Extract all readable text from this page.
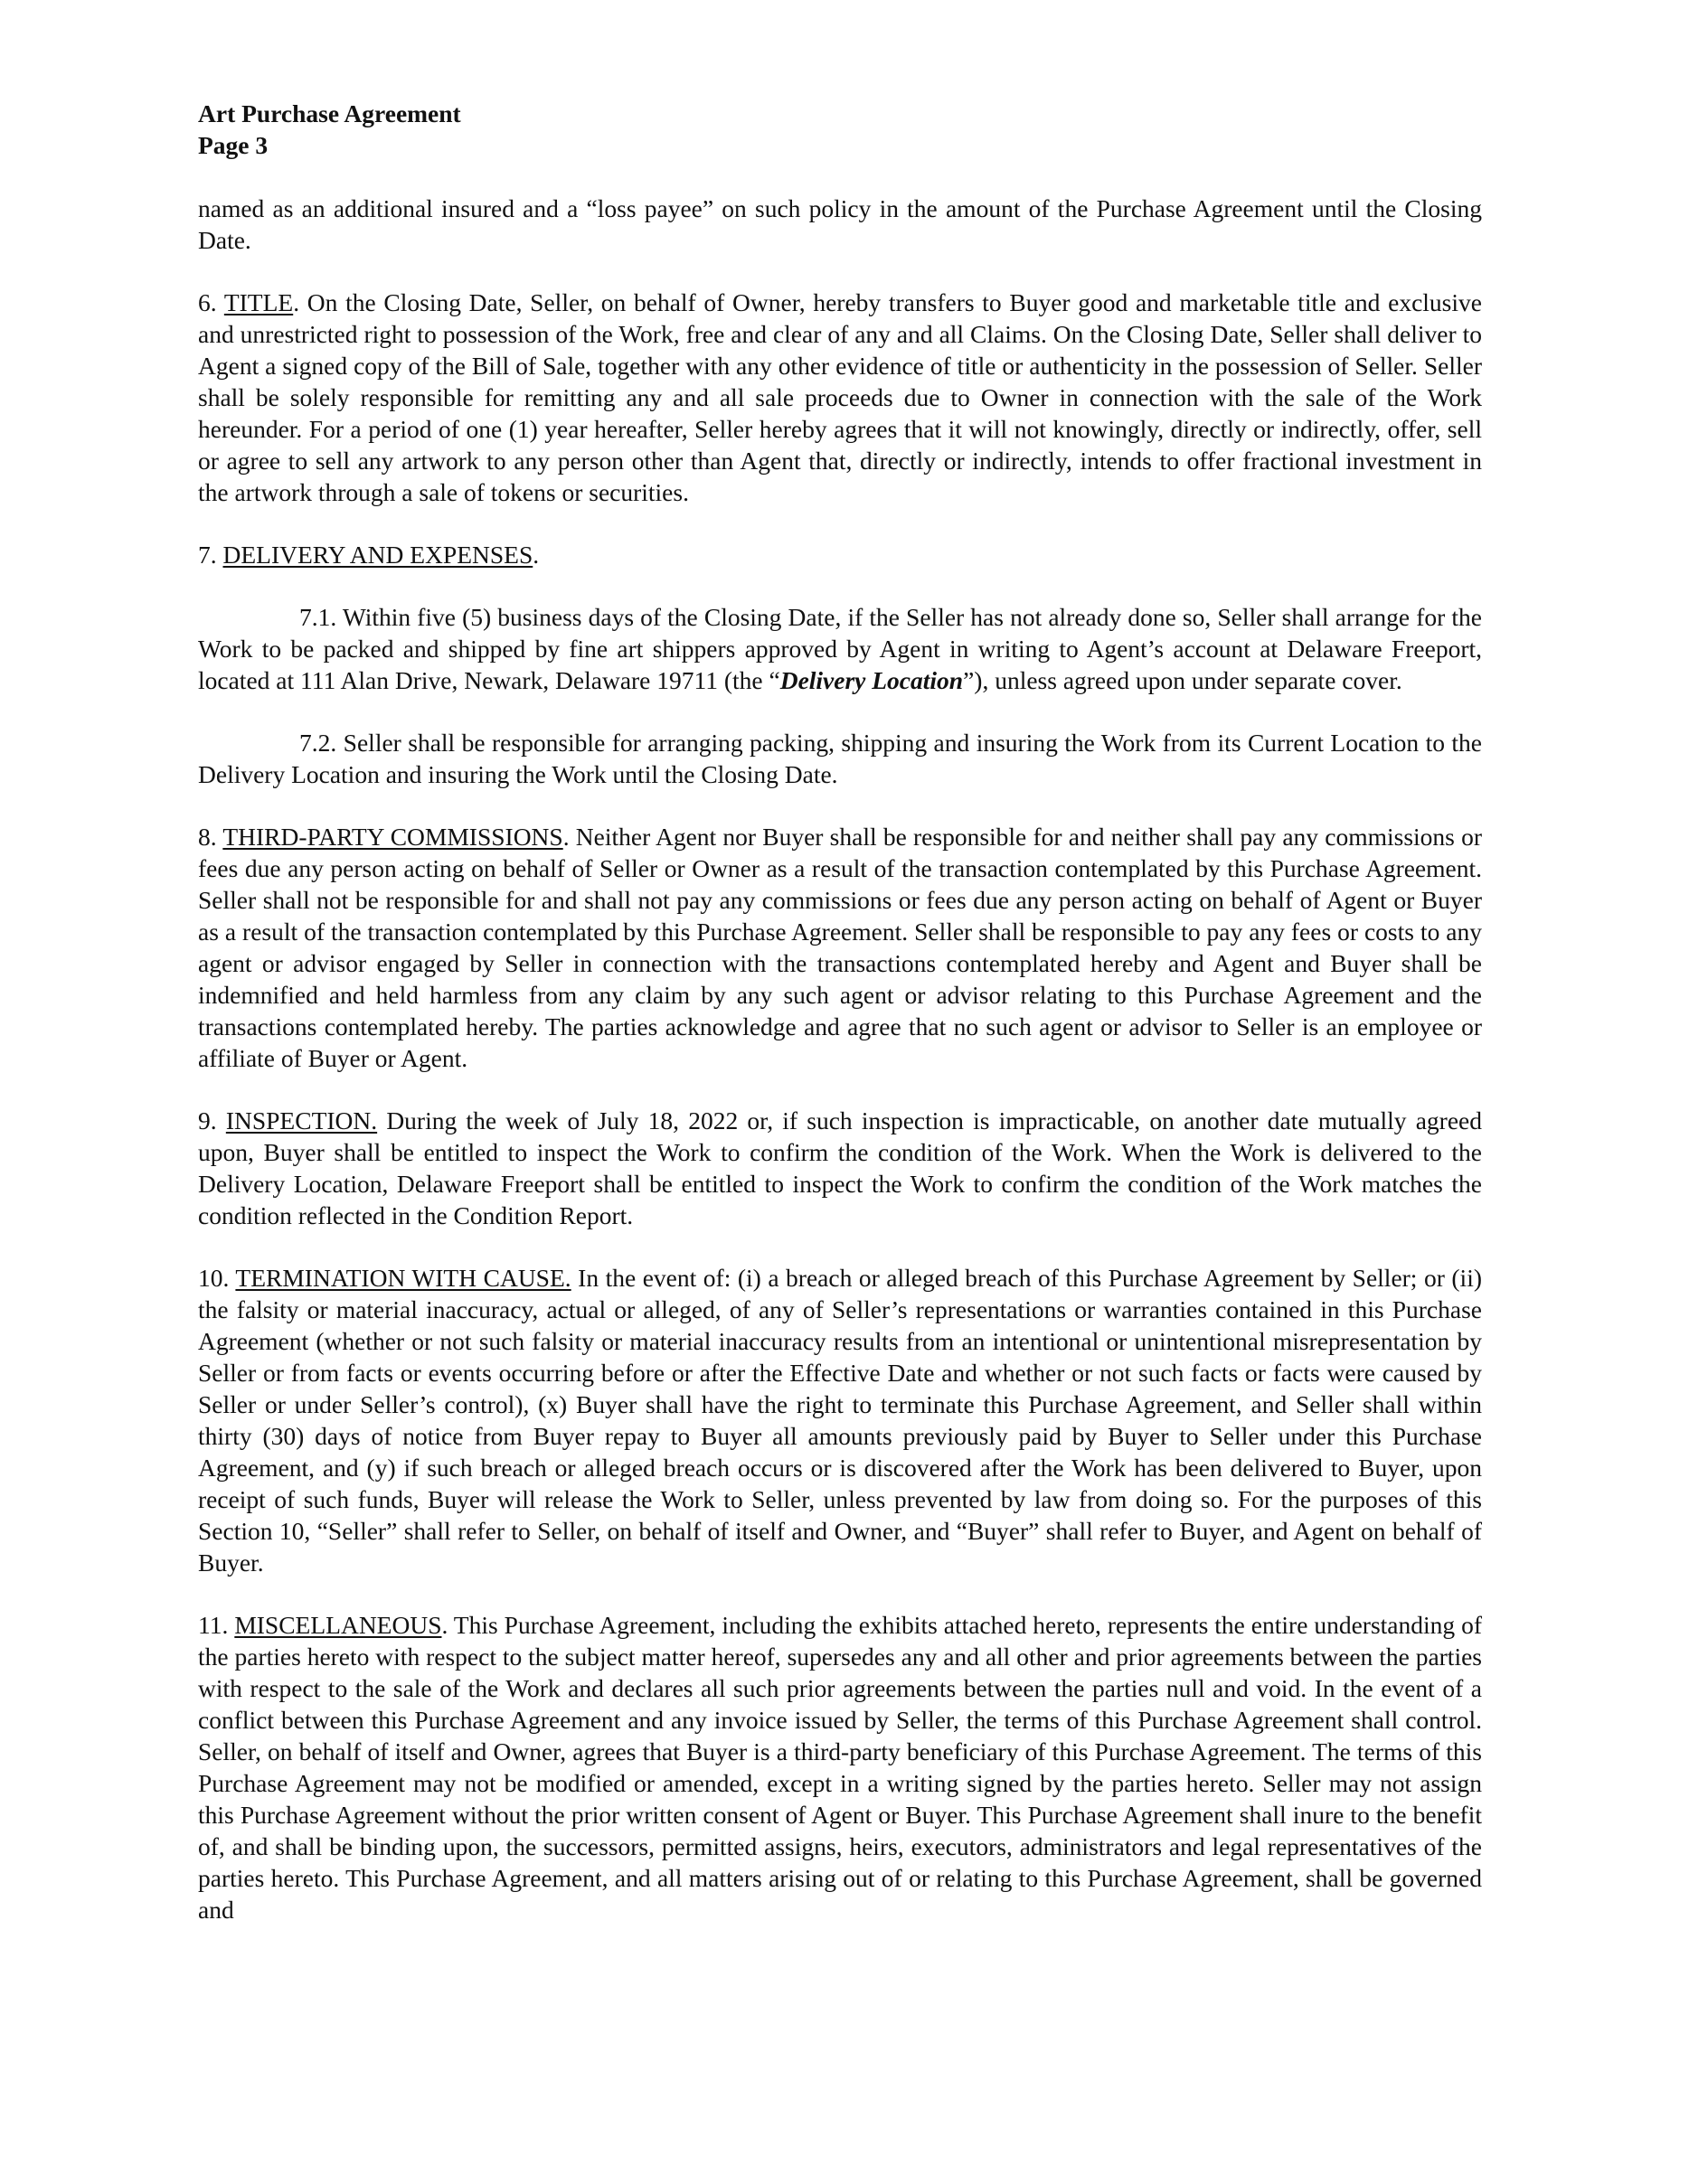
Art Purchase Agreement
Page 3

named as an additional insured and a “loss payee” on such policy in the amount of the Purchase Agreement until the Closing Date.

6. TITLE. On the Closing Date, Seller, on behalf of Owner, hereby transfers to Buyer good and marketable title and exclusive and unrestricted right to possession of the Work, free and clear of any and all Claims. On the Closing Date, Seller shall deliver to Agent a signed copy of the Bill of Sale, together with any other evidence of title or authenticity in the possession of Seller. Seller shall be solely responsible for remitting any and all sale proceeds due to Owner in connection with the sale of the Work hereunder. For a period of one (1) year hereafter, Seller hereby agrees that it will not knowingly, directly or indirectly, offer, sell or agree to sell any artwork to any person other than Agent that, directly or indirectly, intends to offer fractional investment in the artwork through a sale of tokens or securities.

7. DELIVERY AND EXPENSES.

7.1. Within five (5) business days of the Closing Date, if the Seller has not already done so, Seller shall arrange for the Work to be packed and shipped by fine art shippers approved by Agent in writing to Agent’s account at Delaware Freeport, located at 111 Alan Drive, Newark, Delaware 19711 (the “Delivery Location”), unless agreed upon under separate cover.

7.2. Seller shall be responsible for arranging packing, shipping and insuring the Work from its Current Location to the Delivery Location and insuring the Work until the Closing Date.

8. THIRD-PARTY COMMISSIONS. Neither Agent nor Buyer shall be responsible for and neither shall pay any commissions or fees due any person acting on behalf of Seller or Owner as a result of the transaction contemplated by this Purchase Agreement. Seller shall not be responsible for and shall not pay any commissions or fees due any person acting on behalf of Agent or Buyer as a result of the transaction contemplated by this Purchase Agreement. Seller shall be responsible to pay any fees or costs to any agent or advisor engaged by Seller in connection with the transactions contemplated hereby and Agent and Buyer shall be indemnified and held harmless from any claim by any such agent or advisor relating to this Purchase Agreement and the transactions contemplated hereby. The parties acknowledge and agree that no such agent or advisor to Seller is an employee or affiliate of Buyer or Agent.

9. INSPECTION. During the week of July 18, 2022 or, if such inspection is impracticable, on another date mutually agreed upon, Buyer shall be entitled to inspect the Work to confirm the condition of the Work. When the Work is delivered to the Delivery Location, Delaware Freeport shall be entitled to inspect the Work to confirm the condition of the Work matches the condition reflected in the Condition Report.

10. TERMINATION WITH CAUSE. In the event of: (i) a breach or alleged breach of this Purchase Agreement by Seller; or (ii) the falsity or material inaccuracy, actual or alleged, of any of Seller’s representations or warranties contained in this Purchase Agreement (whether or not such falsity or material inaccuracy results from an intentional or unintentional misrepresentation by Seller or from facts or events occurring before or after the Effective Date and whether or not such facts or facts were caused by Seller or under Seller’s control), (x) Buyer shall have the right to terminate this Purchase Agreement, and Seller shall within thirty (30) days of notice from Buyer repay to Buyer all amounts previously paid by Buyer to Seller under this Purchase Agreement, and (y) if such breach or alleged breach occurs or is discovered after the Work has been delivered to Buyer, upon receipt of such funds, Buyer will release the Work to Seller, unless prevented by law from doing so. For the purposes of this Section 10, “Seller” shall refer to Seller, on behalf of itself and Owner, and “Buyer” shall refer to Buyer, and Agent on behalf of Buyer.

11. MISCELLANEOUS. This Purchase Agreement, including the exhibits attached hereto, represents the entire understanding of the parties hereto with respect to the subject matter hereof, supersedes any and all other and prior agreements between the parties with respect to the sale of the Work and declares all such prior agreements between the parties null and void. In the event of a conflict between this Purchase Agreement and any invoice issued by Seller, the terms of this Purchase Agreement shall control. Seller, on behalf of itself and Owner, agrees that Buyer is a third-party beneficiary of this Purchase Agreement. The terms of this Purchase Agreement may not be modified or amended, except in a writing signed by the parties hereto. Seller may not assign this Purchase Agreement without the prior written consent of Agent or Buyer. This Purchase Agreement shall inure to the benefit of, and shall be binding upon, the successors, permitted assigns, heirs, executors, administrators and legal representatives of the parties hereto. This Purchase Agreement, and all matters arising out of or relating to this Purchase Agreement, shall be governed and
